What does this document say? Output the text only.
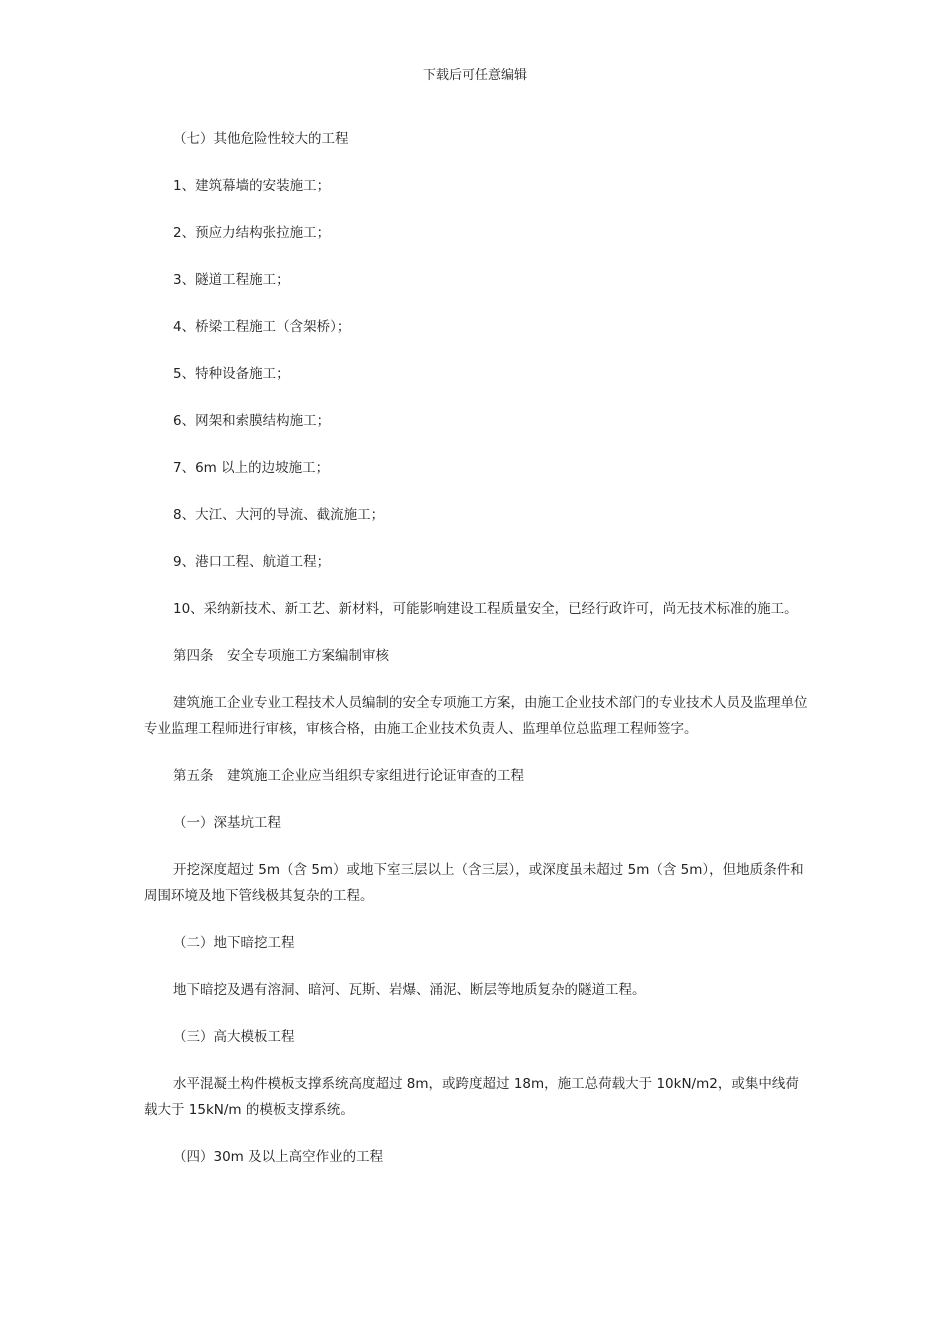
下载后可任意编辑

（七）其他危险性较大的工程

1、建筑幕墙的安装施工；

2、预应力结构张拉施工；

3、隧道工程施工；

4、桥梁工程施工（含架桥）；

5、特种设备施工；

6、网架和索膜结构施工；

7、6m 以上的边坡施工；

8、大江、大河的导流、截流施工；

9、港口工程、航道工程；

10、采纳新技术、新工艺、新材料，可能影响建设工程质量安全，已经行政许可，尚无技术标准的施工。

第四条　安全专项施工方案编制审核

建筑施工企业专业工程技术人员编制的安全专项施工方案，由施工企业技术部门的专业技术人员及监理单位专业监理工程师进行审核，审核合格，由施工企业技术负责人、监理单位总监理工程师签字。

第五条　建筑施工企业应当组织专家组进行论证审查的工程

（一）深基坑工程

开挖深度超过 5m（含 5m）或地下室三层以上（含三层），或深度虽未超过 5m（含 5m），但地质条件和周围环境及地下管线极其复杂的工程。

（二）地下暗挖工程

地下暗挖及遇有溶洞、暗河、瓦斯、岩爆、涌泥、断层等地质复杂的隧道工程。

（三）高大模板工程

水平混凝土构件模板支撑系统高度超过 8m，或跨度超过 18m，施工总荷载大于 10kN/m2，或集中线荷载大于 15kN/m 的模板支撑系统。

（四）30m 及以上高空作业的工程
